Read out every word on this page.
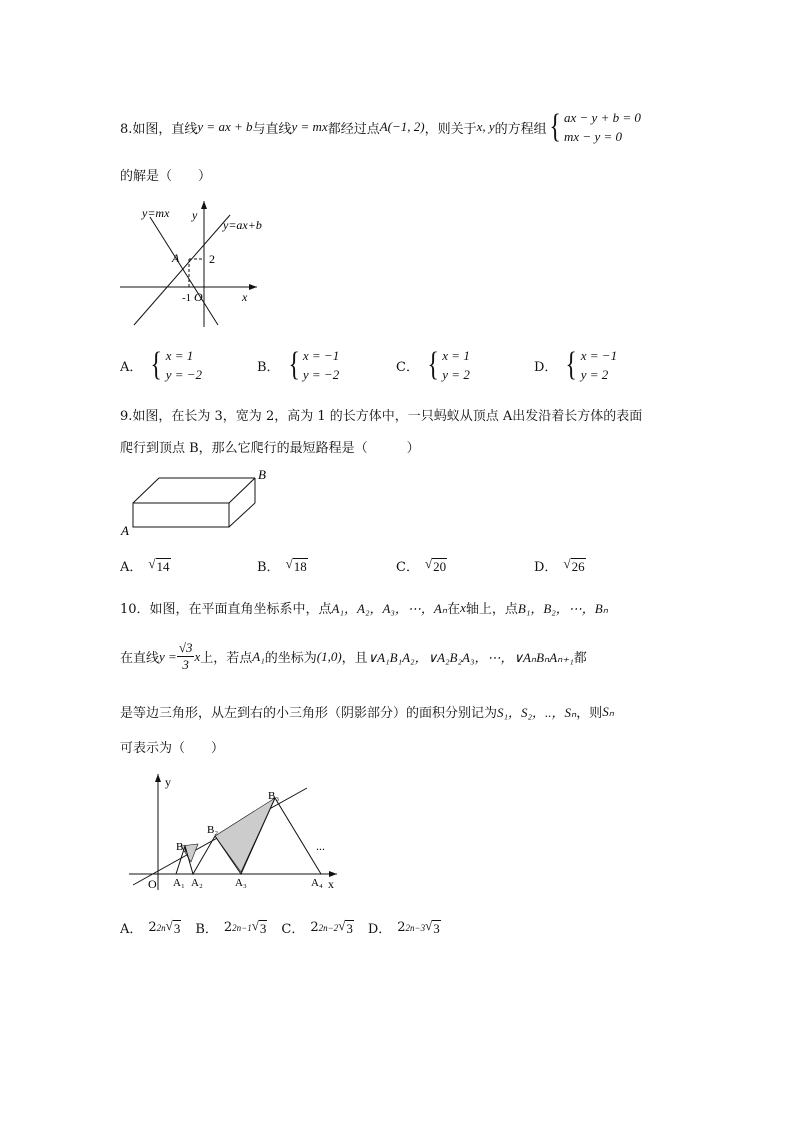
8.如图，直线 y = ax + b 与直线 y = mx 都经过点 A(−1, 2) ，则关于 x, y 的方程组 { ax − y + b = 0
mx − y = 0
的解是（　　）
y=mx y
y=ax+b
A 2
-1 O	x
A． { x = 1
y = −2	B． { x = −1
y = −2	C． { x = 1
y = 2	D． { x = −1
y = 2
9.如图，在长为 3，宽为 2，高为 1 的长方体中，一只蚂蚁从顶点 A出发沿着长方体的表面
爬行到顶点 B，那么它爬行的最短路程是（　　　）
A
B
A． √ 14	B． √ 18	C． √ 20	D． √ 26
10．如图，在平面直角坐标系中，点 A₁，A₂，A₃，⋯，Aₙ 在 x 轴上，点 B₁，B₂，⋯，Bₙ
在直线 $y = \frac{√3}{3}$ x 上，若点 A₁ 的坐标为 (1,0) ，且 ∨A₁B₁A₂，∨A₂B₂A₃，⋯，∨AₙBₙAₙ₊₁ 都
是等边三角形，从左到右的小三角形（阴影部分）的面积分别记为 S₁，S₂，..，Sₙ ，则 Sₙ
可表示为（　　）
y
O	x
B₁
B₂
B₃
A₁ A₂	A₃	A₄
...
A． 2 2n √ 3 B． 2 2n−1 √ 3 C． 2 2n−2 √ 3 D． 2 2n−3 √ 3
